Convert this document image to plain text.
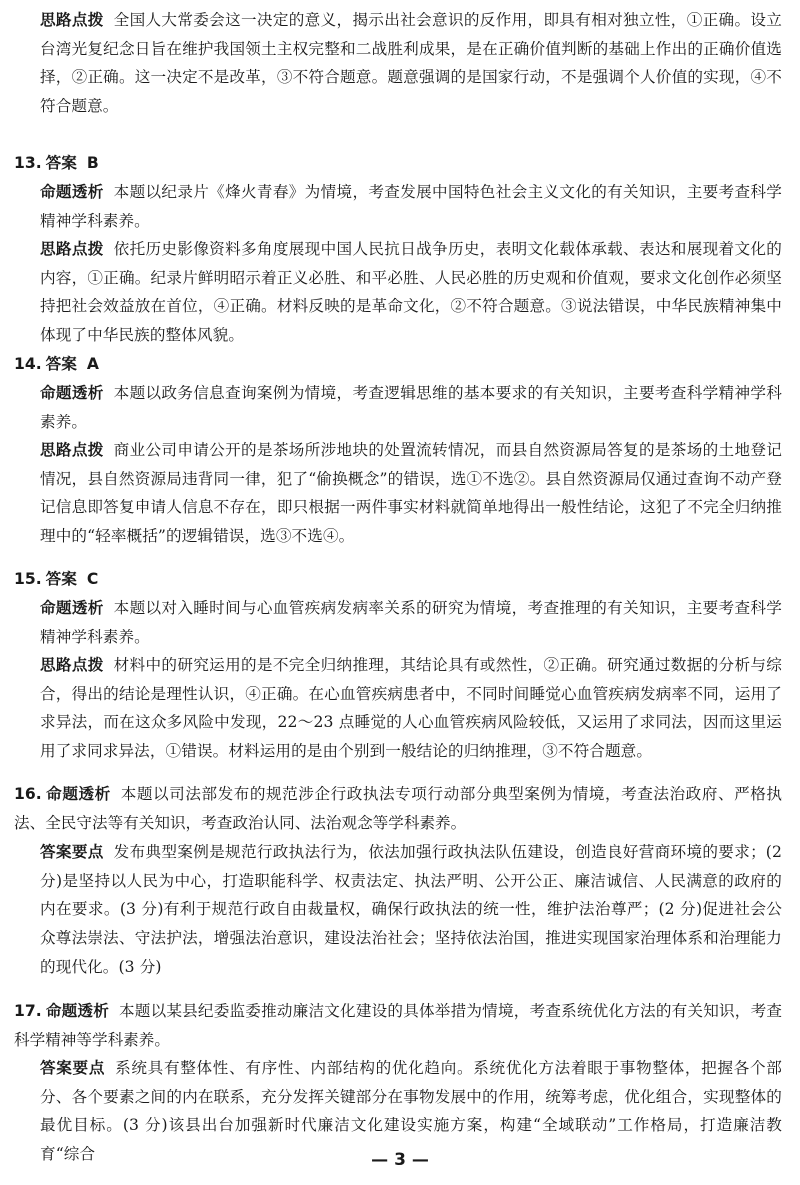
思路点拨 全国人大常委会这一决定的意义，揭示出社会意识的反作用，即具有相对独立性，①正确。设立台湾光复纪念日旨在维护我国领土主权完整和二战胜利成果，是在正确价值判断的基础上作出的正确价值选择，②正确。这一决定不是改革，③不符合题意。题意强调的是国家行动，不是强调个人价值的实现，④不符合题意。

13. 答案 B

命题透析 本题以纪录片《烽火青春》为情境，考查发展中国特色社会主义文化的有关知识，主要考查科学精神学科素养。

思路点拨 依托历史影像资料多角度展现中国人民抗日战争历史，表明文化载体承载、表达和展现着文化的内容，①正确。纪录片鲜明昭示着正义必胜、和平必胜、人民必胜的历史观和价值观，要求文化创作必须坚持把社会效益放在首位，④正确。材料反映的是革命文化，②不符合题意。③说法错误，中华民族精神集中体现了中华民族的整体风貌。

14. 答案 A

命题透析 本题以政务信息查询案例为情境，考查逻辑思维的基本要求的有关知识，主要考查科学精神学科素养。

思路点拨 商业公司申请公开的是茶场所涉地块的处置流转情况，而县自然资源局答复的是茶场的土地登记情况，县自然资源局违背同一律，犯了“偷换概念”的错误，选①不选②。县自然资源局仅通过查询不动产登记信息即答复申请人信息不存在，即只根据一两件事实材料就简单地得出一般性结论，这犯了不完全归纳推理中的“轻率概括”的逻辑错误，选③不选④。

15. 答案 C

命题透析 本题以对入睡时间与心血管疾病发病率关系的研究为情境，考查推理的有关知识，主要考查科学精神学科素养。

思路点拨 材料中的研究运用的是不完全归纳推理，其结论具有或然性，②正确。研究通过数据的分析与综合，得出的结论是理性认识，④正确。在心血管疾病患者中，不同时间睡觉心血管疾病发病率不同，运用了求异法，而在这众多风险中发现，22～23 点睡觉的人心血管疾病风险较低，又运用了求同法，因而这里运用了求同求异法，①错误。材料运用的是由个别到一般结论的归纳推理，③不符合题意。

16. 命题透析 本题以司法部发布的规范涉企行政执法专项行动部分典型案例为情境，考查法治政府、严格执法、全民守法等有关知识，考查政治认同、法治观念等学科素养。

答案要点 发布典型案例是规范行政执法行为，依法加强行政执法队伍建设，创造良好营商环境的要求；(2 分)是坚持以人民为中心，打造职能科学、权责法定、执法严明、公开公正、廉洁诚信、人民满意的政府的内在要求。(3 分)有利于规范行政自由裁量权，确保行政执法的统一性，维护法治尊严；(2 分)促进社会公众尊法崇法、守法护法，增强法治意识，建设法治社会；坚持依法治国，推进实现国家治理体系和治理能力的现代化。(3 分)

17. 命题透析 本题以某县纪委监委推动廉洁文化建设的具体举措为情境，考查系统优化方法的有关知识，考查科学精神等学科素养。

答案要点 系统具有整体性、有序性、内部结构的优化趋向。系统优化方法着眼于事物整体，把握各个部分、各个要素之间的内在联系，充分发挥关键部分在事物发展中的作用，统筹考虑，优化组合，实现整体的最优目标。(3 分)该县出台加强新时代廉洁文化建设实施方案，构建“全域联动”工作格局，打造廉洁教育“综合	— 3 —
